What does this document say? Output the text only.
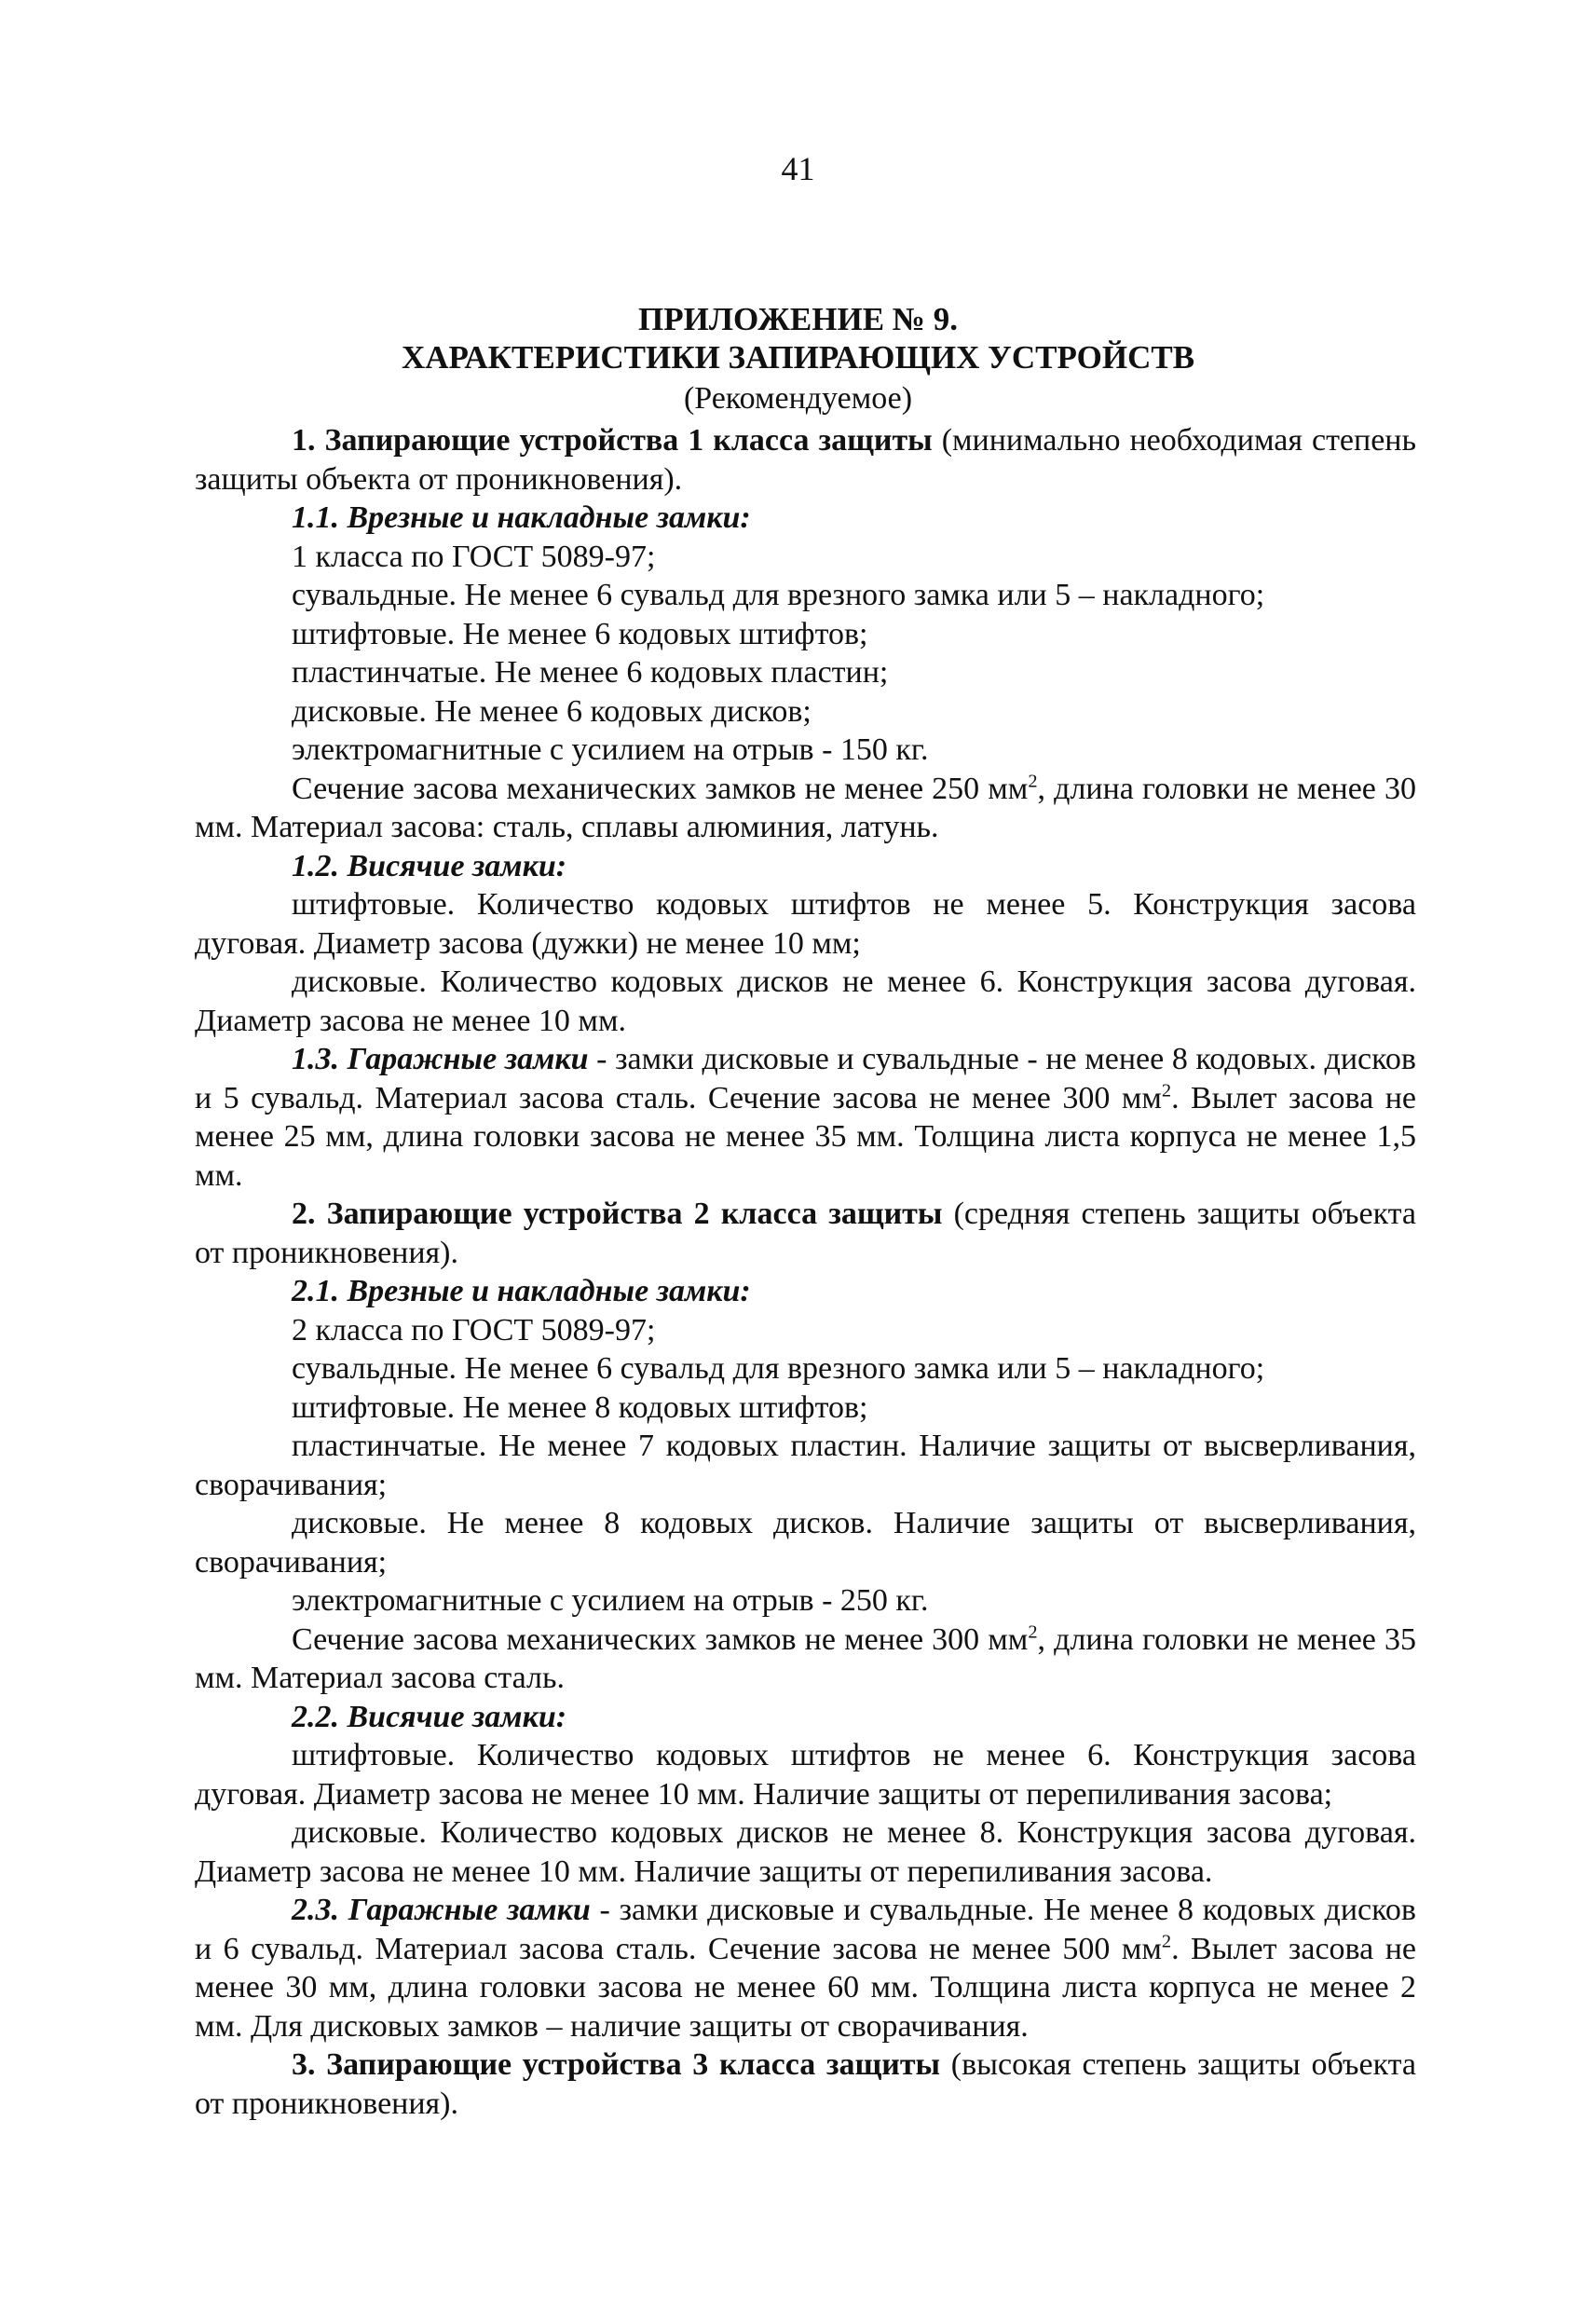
41
ПРИЛОЖЕНИЕ № 9.
ХАРАКТЕРИСТИКИ ЗАПИРАЮЩИХ УСТРОЙСТВ
(Рекомендуемое)

1. Запирающие устройства 1 класса защиты (минимально необходимая степень защиты объекта от проникновения).

1.1. Врезные и накладные замки:

1 класса по ГОСТ 5089-97;

сувальдные. Не менее 6 сувальд для врезного замка или 5 – накладного;

штифтовые. Не менее 6 кодовых штифтов;

пластинчатые. Не менее 6 кодовых пластин;

дисковые. Не менее 6 кодовых дисков;

электромагнитные с усилием на отрыв - 150 кг.

Сечение засова механических замков не менее 250 $мм^2$, длина головки не менее 30 мм. Материал засова: сталь, сплавы алюминия, латунь.

1.2. Висячие замки:

штифтовые. Количество кодовых штифтов не менее 5. Конструкция засова дуговая. Диаметр засова (дужки) не менее 10 мм;

дисковые. Количество кодовых дисков не менее 6. Конструкция засова дуговая. Диаметр засова не менее 10 мм.

1.3. Гаражные замки - замки дисковые и сувальдные - не менее 8 кодовых. дисков и 5 сувальд. Материал засова сталь. Сечение засова не менее 300 $мм^2$. Вылет засова не менее 25 мм, длина головки засова не менее 35 мм. Толщина листа корпуса не менее 1,5 мм.

2. Запирающие устройства 2 класса защиты (средняя степень защиты объекта от проникновения).

2.1. Врезные и накладные замки:

2 класса по ГОСТ 5089-97;

сувальдные. Не менее 6 сувальд для врезного замка или 5 – накладного;

штифтовые. Не менее 8 кодовых штифтов;

пластинчатые. Не менее 7 кодовых пластин. Наличие защиты от высверливания, сворачивания;

дисковые. Не менее 8 кодовых дисков. Наличие защиты от высверливания, сворачивания;

электромагнитные с усилием на отрыв - 250 кг.

Сечение засова механических замков не менее 300 $мм^2$, длина головки не менее 35 мм. Материал засова сталь.

2.2. Висячие замки:

штифтовые. Количество кодовых штифтов не менее 6. Конструкция засова дуговая. Диаметр засова не менее 10 мм. Наличие защиты от перепиливания засова;

дисковые. Количество кодовых дисков не менее 8. Конструкция засова дуговая. Диаметр засова не менее 10 мм. Наличие защиты от перепиливания засова.

2.3. Гаражные замки - замки дисковые и сувальдные. Не менее 8 кодовых дисков и 6 сувальд. Материал засова сталь. Сечение засова не менее 500 $мм^2$. Вылет засова не менее 30 мм, длина головки засова не менее 60 мм. Толщина листа корпуса не менее 2 мм. Для дисковых замков – наличие защиты от сворачивания.

3. Запирающие устройства 3 класса защиты (высокая степень защиты объекта от проникновения).
